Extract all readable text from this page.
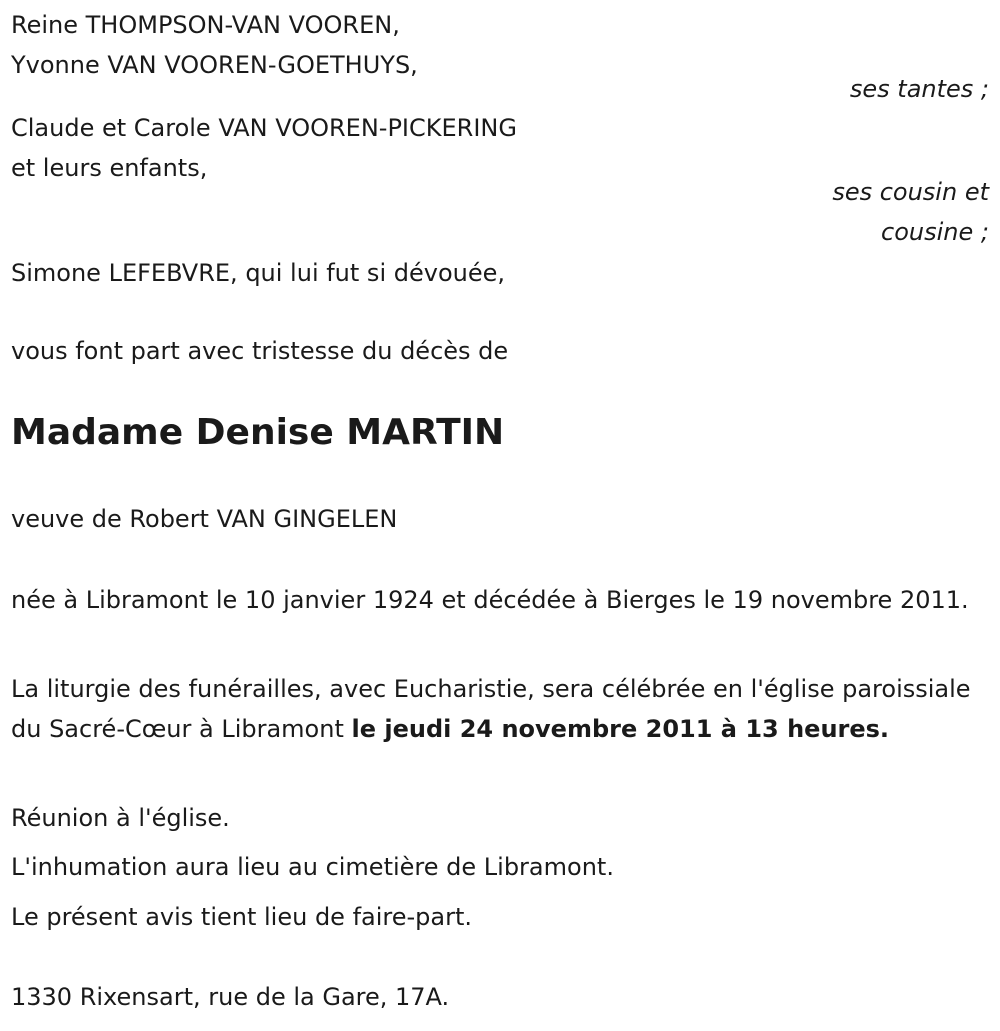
Reine THOMPSON-VAN VOOREN,
Yvonne VAN VOOREN-GOETHUYS,
ses tantes ;
Claude et Carole VAN VOOREN-PICKERING
et leurs enfants,
ses cousin et
cousine ;
Simone LEFEBVRE, qui lui fut si dévouée,
vous font part avec tristesse du décès de
Madame Denise MARTIN
veuve de Robert VAN GINGELEN
née à Libramont le 10 janvier 1924 et décédée à Bierges le 19 novembre 2011.
La liturgie des funérailles, avec Eucharistie, sera célébrée en l'église paroissiale du Sacré-Cœur à Libramont le jeudi 24 novembre 2011 à 13 heures.
Réunion à l'église.
L'inhumation aura lieu au cimetière de Libramont.
Le présent avis tient lieu de faire-part.
1330 Rixensart, rue de la Gare, 17A.
